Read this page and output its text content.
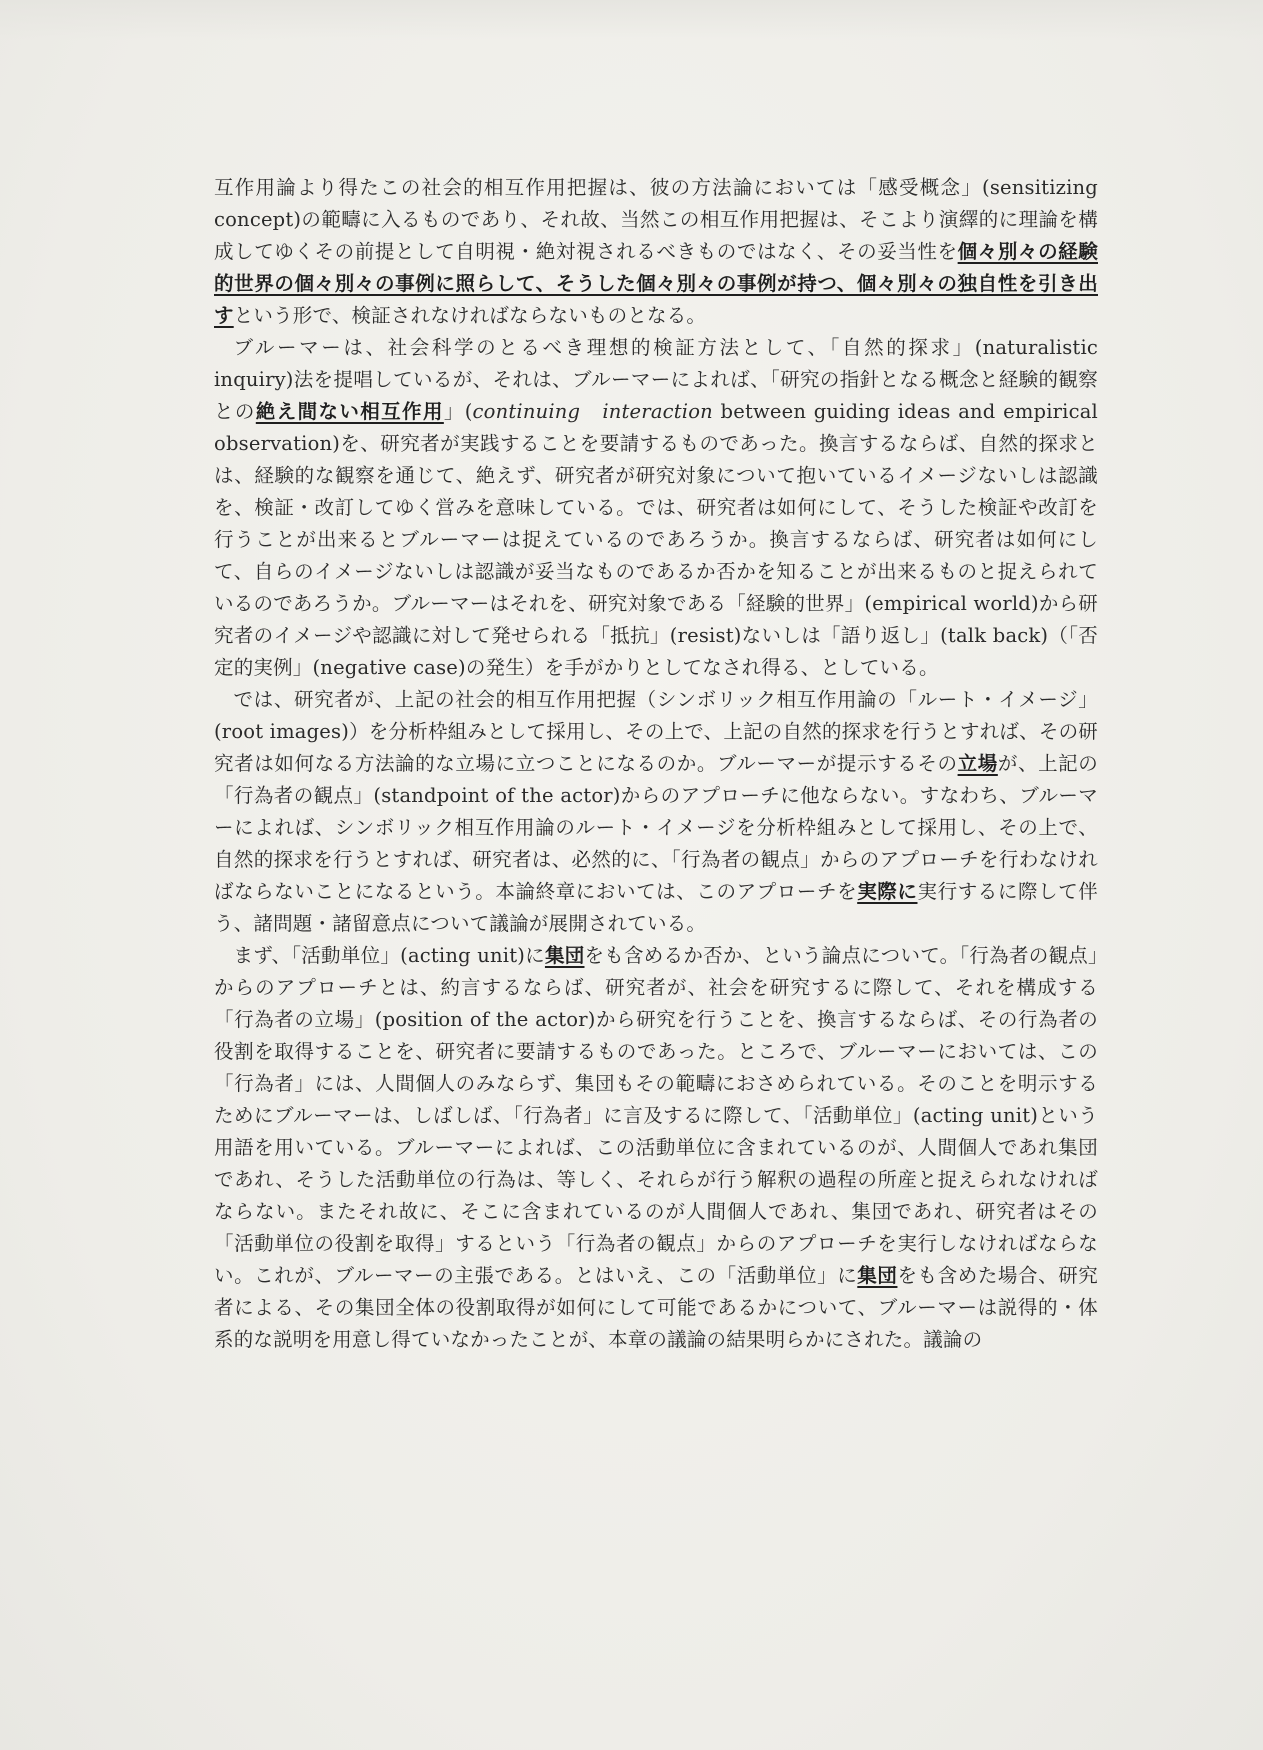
互作用論より得たこの社会的相互作用把握は、彼の方法論においては「感受概念」(sensitizing concept)の範疇に入るものであり、それ故、当然この相互作用把握は、そこより演繹的に理論を構成してゆくその前提として自明視・絶対視されるべきものではなく、その妥当性を個々別々の経験的世界の個々別々の事例に照らして、そうした個々別々の事例が持つ、個々別々の独自性を引き出すという形で、検証されなければならないものとなる。

ブルーマーは、社会科学のとるべき理想的検証方法として、「自然的探求」(naturalistic inquiry)法を提唱しているが、それは、ブルーマーによれば、「研究の指針となる概念と経験的観察との絶え間ない相互作用」(continuing　interaction between guiding ideas and empirical observation)を、研究者が実践することを要請するものであった。換言するならば、自然的探求とは、経験的な観察を通じて、絶えず、研究者が研究対象について抱いているイメージないしは認識を、検証・改訂してゆく営みを意味している。では、研究者は如何にして、そうした検証や改訂を行うことが出来るとブルーマーは捉えているのであろうか。換言するならば、研究者は如何にして、自らのイメージないしは認識が妥当なものであるか否かを知ることが出来るものと捉えられているのであろうか。ブルーマーはそれを、研究対象である「経験的世界」(empirical world)から研究者のイメージや認識に対して発せられる「抵抗」(resist)ないしは「語り返し」(talk back)（「否定的実例」(negative case)の発生）を手がかりとしてなされ得る、としている。

では、研究者が、上記の社会的相互作用把握（シンボリック相互作用論の「ルート・イメージ」(root images)）を分析枠組みとして採用し、その上で、上記の自然的探求を行うとすれば、その研究者は如何なる方法論的な立場に立つことになるのか。ブルーマーが提示するその立場が、上記の「行為者の観点」(standpoint of the actor)からのアプローチに他ならない。すなわち、ブルーマーによれば、シンボリック相互作用論のルート・イメージを分析枠組みとして採用し、その上で、自然的探求を行うとすれば、研究者は、必然的に、「行為者の観点」からのアプローチを行わなければならないことになるという。本論終章においては、このアプローチを実際に実行するに際して伴う、諸問題・諸留意点について議論が展開されている。

まず、「活動単位」(acting unit)に集団をも含めるか否か、という論点について。「行為者の観点」からのアプローチとは、約言するならば、研究者が、社会を研究するに際して、それを構成する「行為者の立場」(position of the actor)から研究を行うことを、換言するならば、その行為者の役割を取得することを、研究者に要請するものであった。ところで、ブルーマーにおいては、この「行為者」には、人間個人のみならず、集団もその範疇におさめられている。そのことを明示するためにブルーマーは、しばしば、「行為者」に言及するに際して、「活動単位」(acting unit)という用語を用いている。ブルーマーによれば、この活動単位に含まれているのが、人間個人であれ集団であれ、そうした活動単位の行為は、等しく、それらが行う解釈の過程の所産と捉えられなければならない。またそれ故に、そこに含まれているのが人間個人であれ、集団であれ、研究者はその「活動単位の役割を取得」するという「行為者の観点」からのアプローチを実行しなければならない。これが、ブルーマーの主張である。とはいえ、この「活動単位」に集団をも含めた場合、研究者による、その集団全体の役割取得が如何にして可能であるかについて、ブルーマーは説得的・体系的な説明を用意し得ていなかったことが、本章の議論の結果明らかにされた。議論の
